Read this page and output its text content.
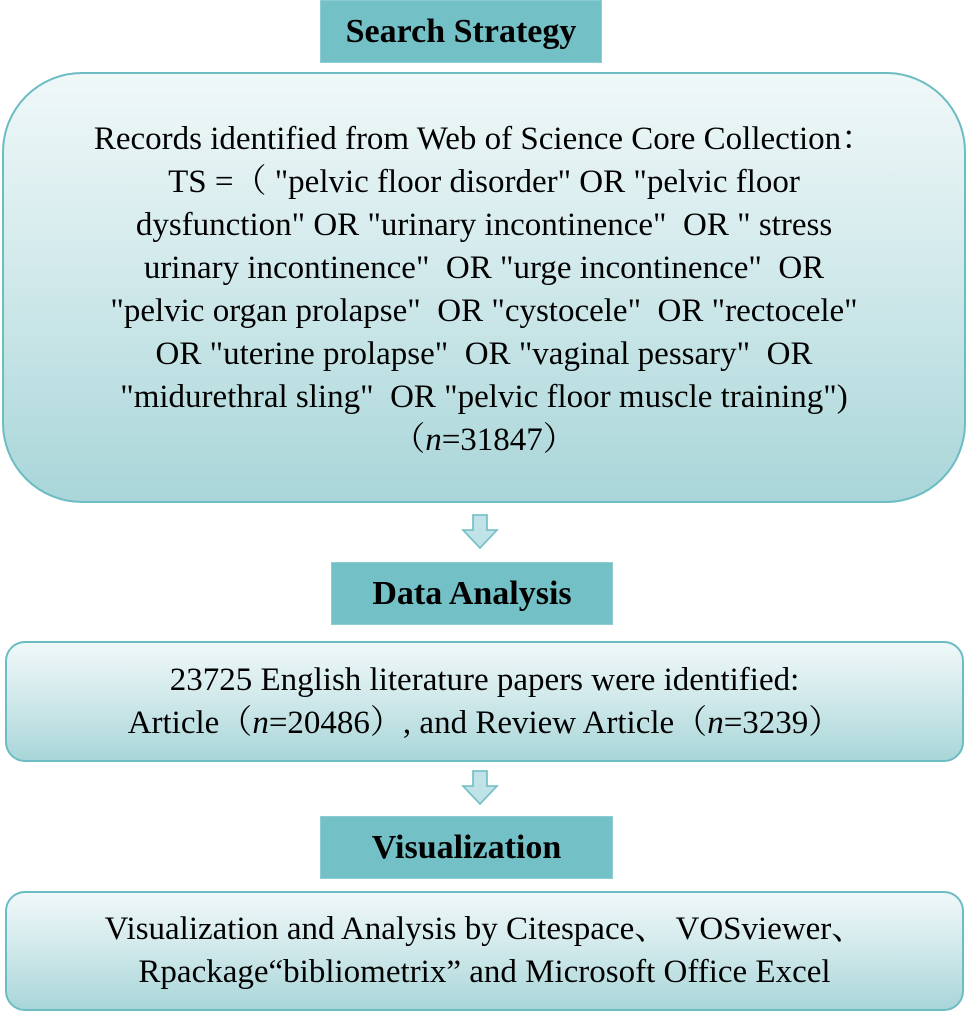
Search Strategy
Records identified from Web of Science Core Collection：
TS =（ "pelvic floor disorder" OR "pelvic floor
dysfunction" OR "urinary incontinence"  OR " stress
urinary incontinence"  OR "urge incontinence"  OR
"pelvic organ prolapse"  OR "cystocele"  OR "rectocele"
OR "uterine prolapse"  OR "vaginal pessary"  OR
"midurethral sling"  OR "pelvic floor muscle training")
（n=31847）
Data Analysis
23725 English literature papers were identified:
Article（n=20486）, and Review Article（n=3239）
Visualization
Visualization and Analysis by Citespace、 VOSviewer、
Rpackage“bibliometrix” and Microsoft Office Excel
